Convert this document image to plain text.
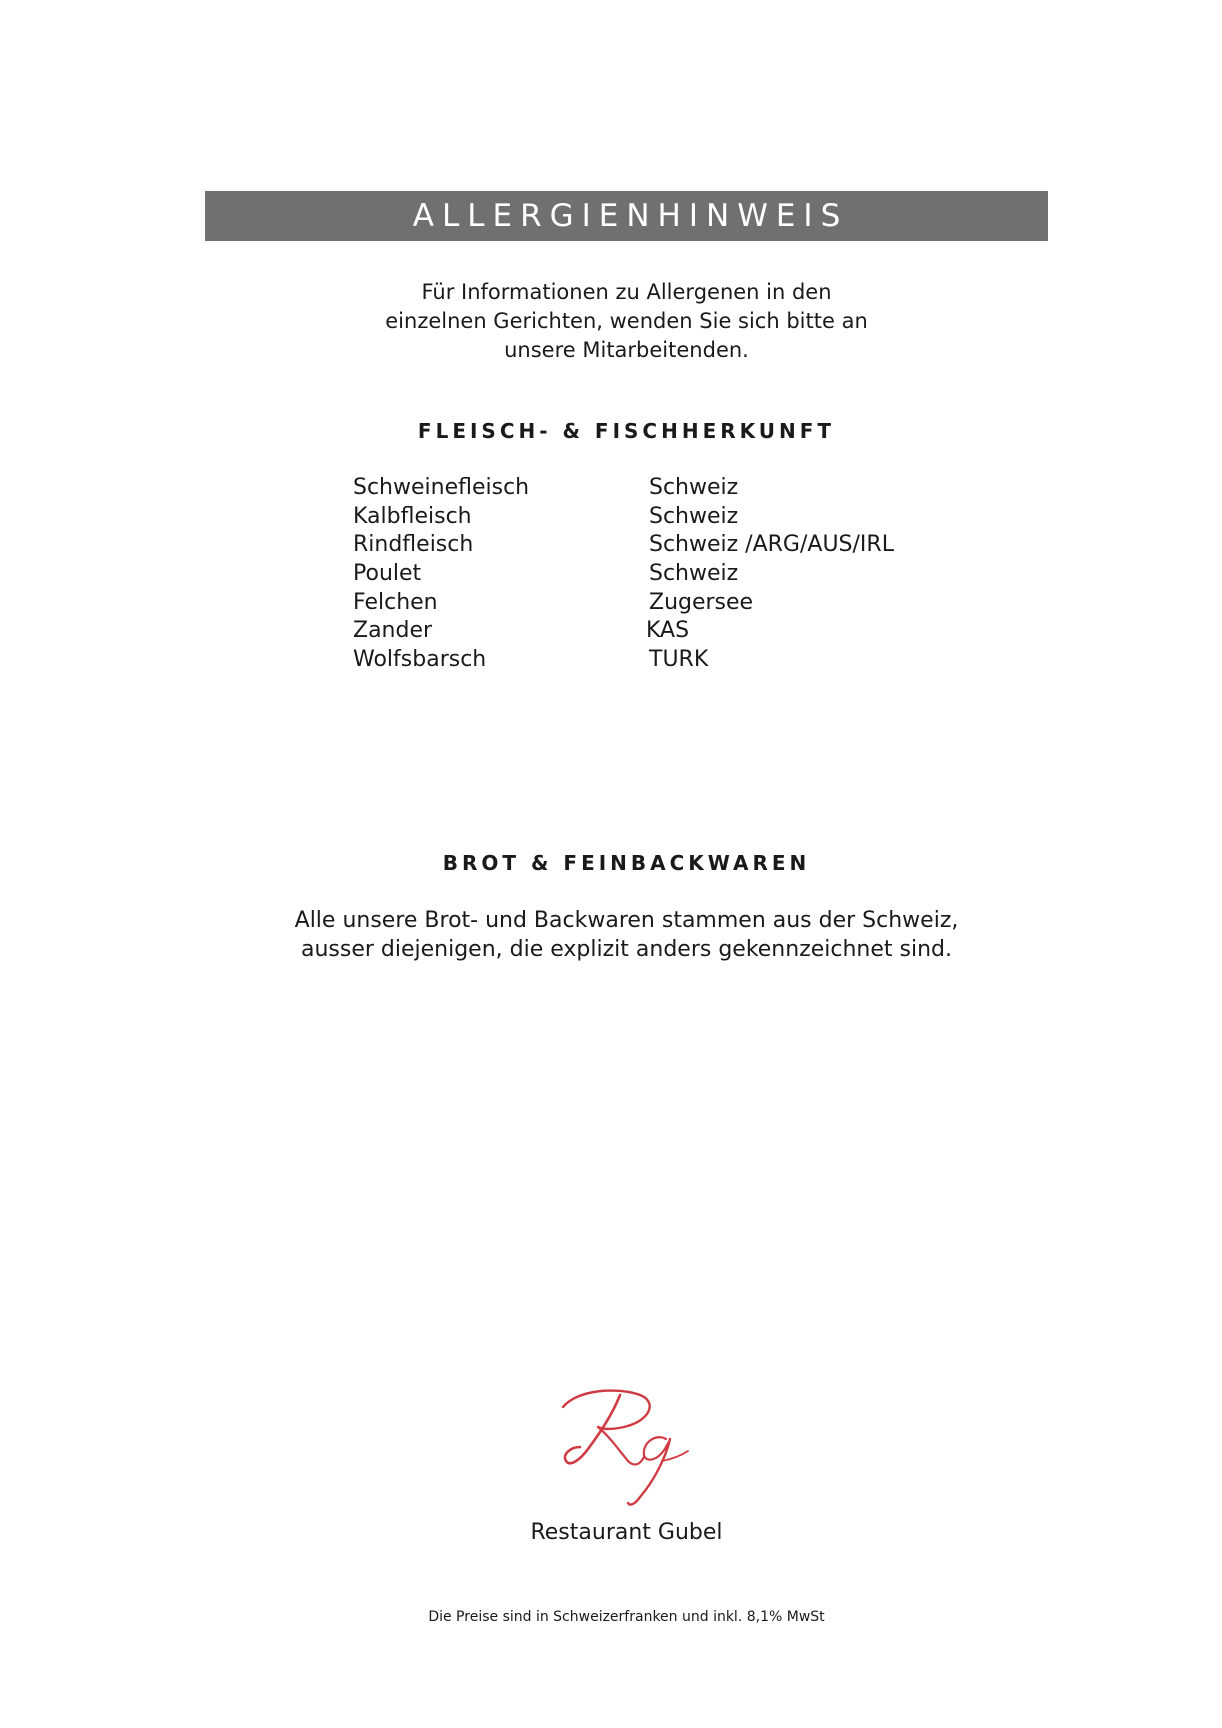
ALLERGIENHINWEIS
Für Informationen zu Allergenen in den
einzelnen Gerichten, wenden Sie sich bitte an
unsere Mitarbeitenden.
FLEISCH- & FISCHHERKUNFT
Schweinefleisch	Schweiz
Kalbfleisch	Schweiz
Rindfleisch	Schweiz /ARG/AUS/IRL
Poulet	Schweiz
Felchen	Zugersee
Zander	KAS
Wolfsbarsch	TURK
BROT & FEINBACKWAREN
Alle unsere Brot- und Backwaren stammen aus der Schweiz,
ausser diejenigen, die explizit anders gekennzeichnet sind.
Restaurant Gubel
Die Preise sind in Schweizerfranken und inkl. 8,1% MwSt
